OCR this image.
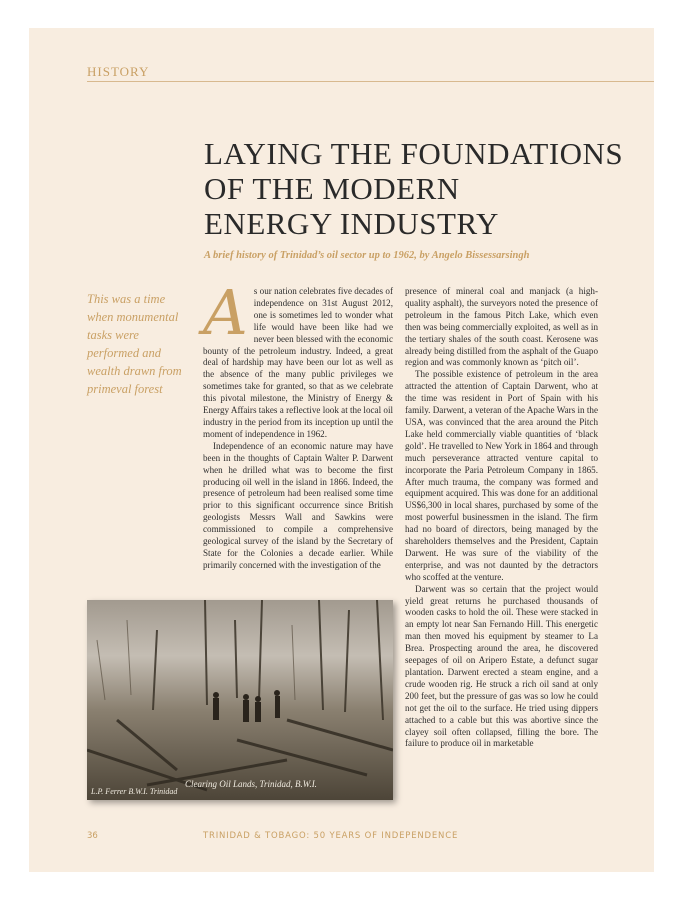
HISTORY
LAYING THE FOUNDATIONS
OF THE MODERN
ENERGY INDUSTRY

A brief history of Trinidad’s oil sector up to 1962, by Angelo Bissessarsingh

This was a time when monumental tasks were performed and wealth drawn from primeval forest

As our nation celebrates five decades of independence on 31st August 2012, one is sometimes led to wonder what life would have been like had we never been blessed with the economic bounty of the petroleum industry. Indeed, a great deal of hardship may have been our lot as well as the absence of the many public privileges we sometimes take for granted, so that as we celebrate this pivotal milestone, the Ministry of Energy & Energy Affairs takes a reflective look at the local oil industry in the period from its inception up until the moment of independence in 1962.

Independence of an economic nature may have been in the thoughts of Captain Walter P. Darwent when he drilled what was to become the first producing oil well in the island in 1866. Indeed, the presence of petroleum had been realised some time prior to this significant occurrence since British geologists Messrs Wall and Sawkins were commissioned to compile a comprehensive geological survey of the island by the Secretary of State for the Colonies a decade earlier. While primarily concerned with the investigation of the

presence of mineral coal and manjack (a high-quality asphalt), the surveyors noted the presence of petroleum in the famous Pitch Lake, which even then was being commercially exploited, as well as in the tertiary shales of the south coast. Kerosene was already being distilled from the asphalt of the Guapo region and was commonly known as ‘pitch oil’.

The possible existence of petroleum in the area attracted the attention of Captain Darwent, who at the time was resident in Port of Spain with his family. Darwent, a veteran of the Apache Wars in the USA, was convinced that the area around the Pitch Lake held commercially viable quantities of ‘black gold’. He travelled to New York in 1864 and through much perseverance attracted venture capital to incorporate the Paria Petroleum Company in 1865. After much trauma, the company was formed and equipment acquired. This was done for an additional US$6,300 in local shares, purchased by some of the most powerful businessmen in the island. The firm had no board of directors, being managed by the shareholders themselves and the President, Captain Darwent. He was sure of the viability of the enterprise, and was not daunted by the detractors who scoffed at the venture.

Darwent was so certain that the project would yield great returns he purchased thousands of wooden casks to hold the oil. These were stacked in an empty lot near San Fernando Hill. This energetic man then moved his equipment by steamer to La Brea. Prospecting around the area, he discovered seepages of oil on Aripero Estate, a defunct sugar plantation. Darwent erected a steam engine, and a crude wooden rig. He struck a rich oil sand at only 200 feet, but the pressure of gas was so low he could not get the oil to the surface. He tried using dippers attached to a cable but this was abortive since the clayey soil often collapsed, filling the bore. The failure to produce oil in marketable

L.P. Ferrer B.W.I. Trinidad
Clearing Oil Lands, Trinidad, B.W.I.
36	TRINIDAD & TOBAGO: 50 YEARS OF INDEPENDENCE
